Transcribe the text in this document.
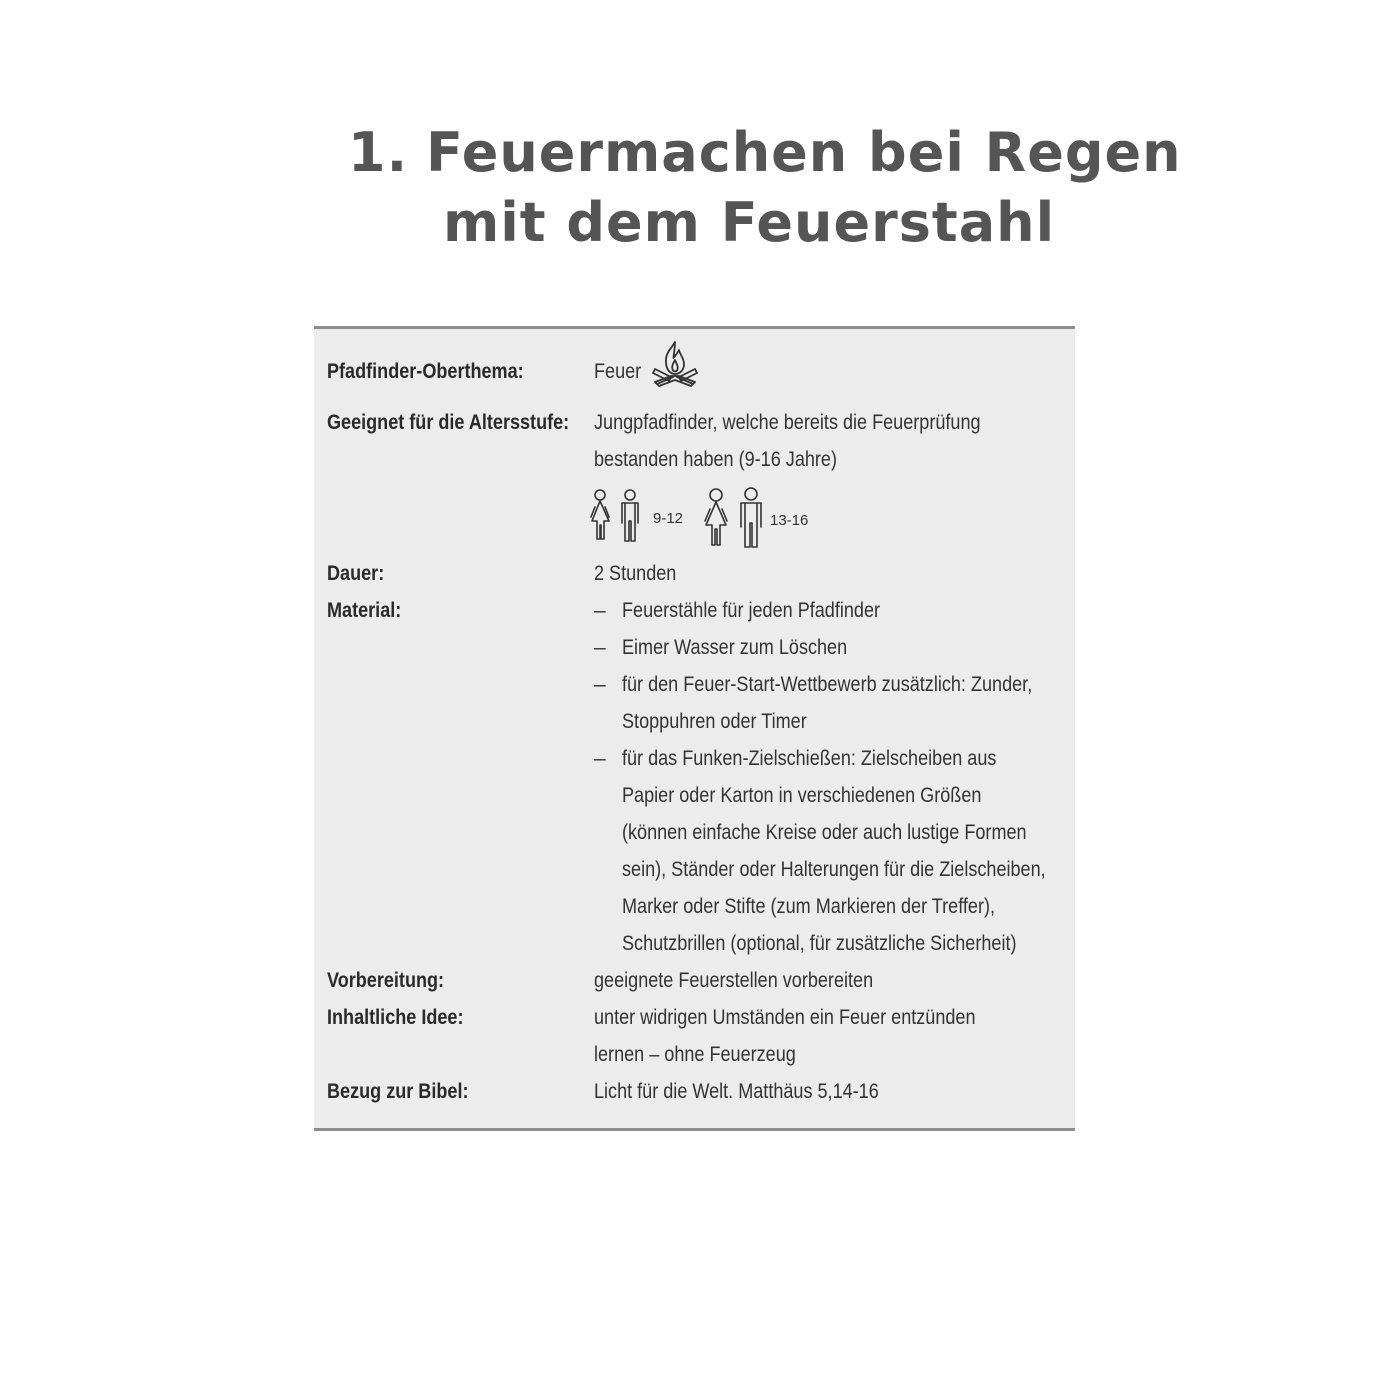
1. Feuermachen bei Regen
mit dem Feuerstahl
Pfadfinder-Oberthema:	Feuer
Geeignet für die Altersstufe: Jungpfadfinder, welche bereits die Feuerprüfung
bestanden haben (9-16 Jahre)
9-12	13-16
Dauer:	2 Stunden
Material:	– Feuerstähle für jeden Pfadfinder
– Eimer Wasser zum Löschen
– für den Feuer-Start-Wettbewerb zusätzlich: Zunder,
Stoppuhren oder Timer
– für das Funken-Zielschießen: Zielscheiben aus
Papier oder Karton in verschiedenen Größen
(können einfache Kreise oder auch lustige Formen
sein), Ständer oder Halterungen für die Zielscheiben,
Marker oder Stifte (zum Markieren der Treffer),
Schutzbrillen (optional, für zusätzliche Sicherheit)
Vorbereitung:	geeignete Feuerstellen vorbereiten
Inhaltliche Idee:	unter widrigen Umständen ein Feuer entzünden
lernen – ohne Feuerzeug
Bezug zur Bibel:	Licht für die Welt. Matthäus 5,14-16
